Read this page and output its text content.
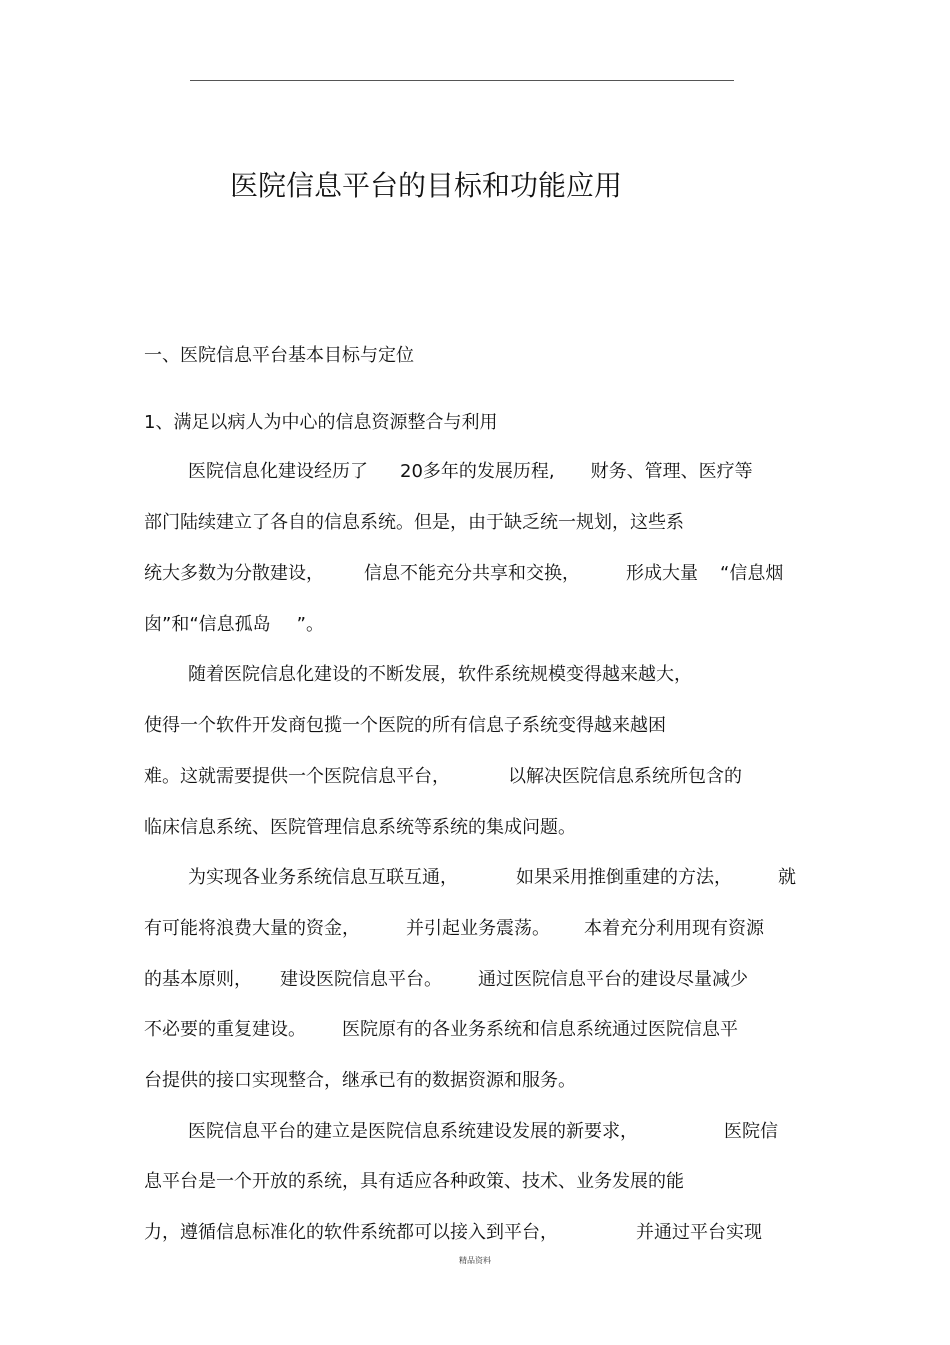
医院信息平台的目标和功能应用
一、医院信息平台基本目标与定位
1、满足以病人为中心的信息资源整合与利用
医院信息化建设经历了 20多年的发展历程, 财务、管理、医疗等
部门陆续建立了各自的信息系统。但是，由于缺乏统一规划，这些系
统大多数为分散建设， 信息不能充分共享和交换，	形成大量 “信息烟
囱”和“信息孤岛 ”。
随着医院信息化建设的不断发展，软件系统规模变得越来越大，
使得一个软件开发商包揽一个医院的所有信息子系统变得越来越困
难。这就需要提供一个医院信息平台，	以解决医院信息系统所包含的
临床信息系统、医院管理信息系统等系统的集成问题。
为实现各业务系统信息互联互通，	如果采用推倒重建的方法，	就
有可能将浪费大量的资金，	并引起业务震荡。 本着充分利用现有资源
的基本原则， 建设医院信息平台。 通过医院信息平台的建设尽量减少
不必要的重复建设。 医院原有的各业务系统和信息系统通过医院信息平
台提供的接口实现整合，继承已有的数据资源和服务。
医院信息平台的建立是医院信息系统建设发展的新要求，	医院信
息平台是一个开放的系统，具有适应各种政策、技术、业务发展的能
力，遵循信息标准化的软件系统都可以接入到平台，	并通过平台实现
精品资料
